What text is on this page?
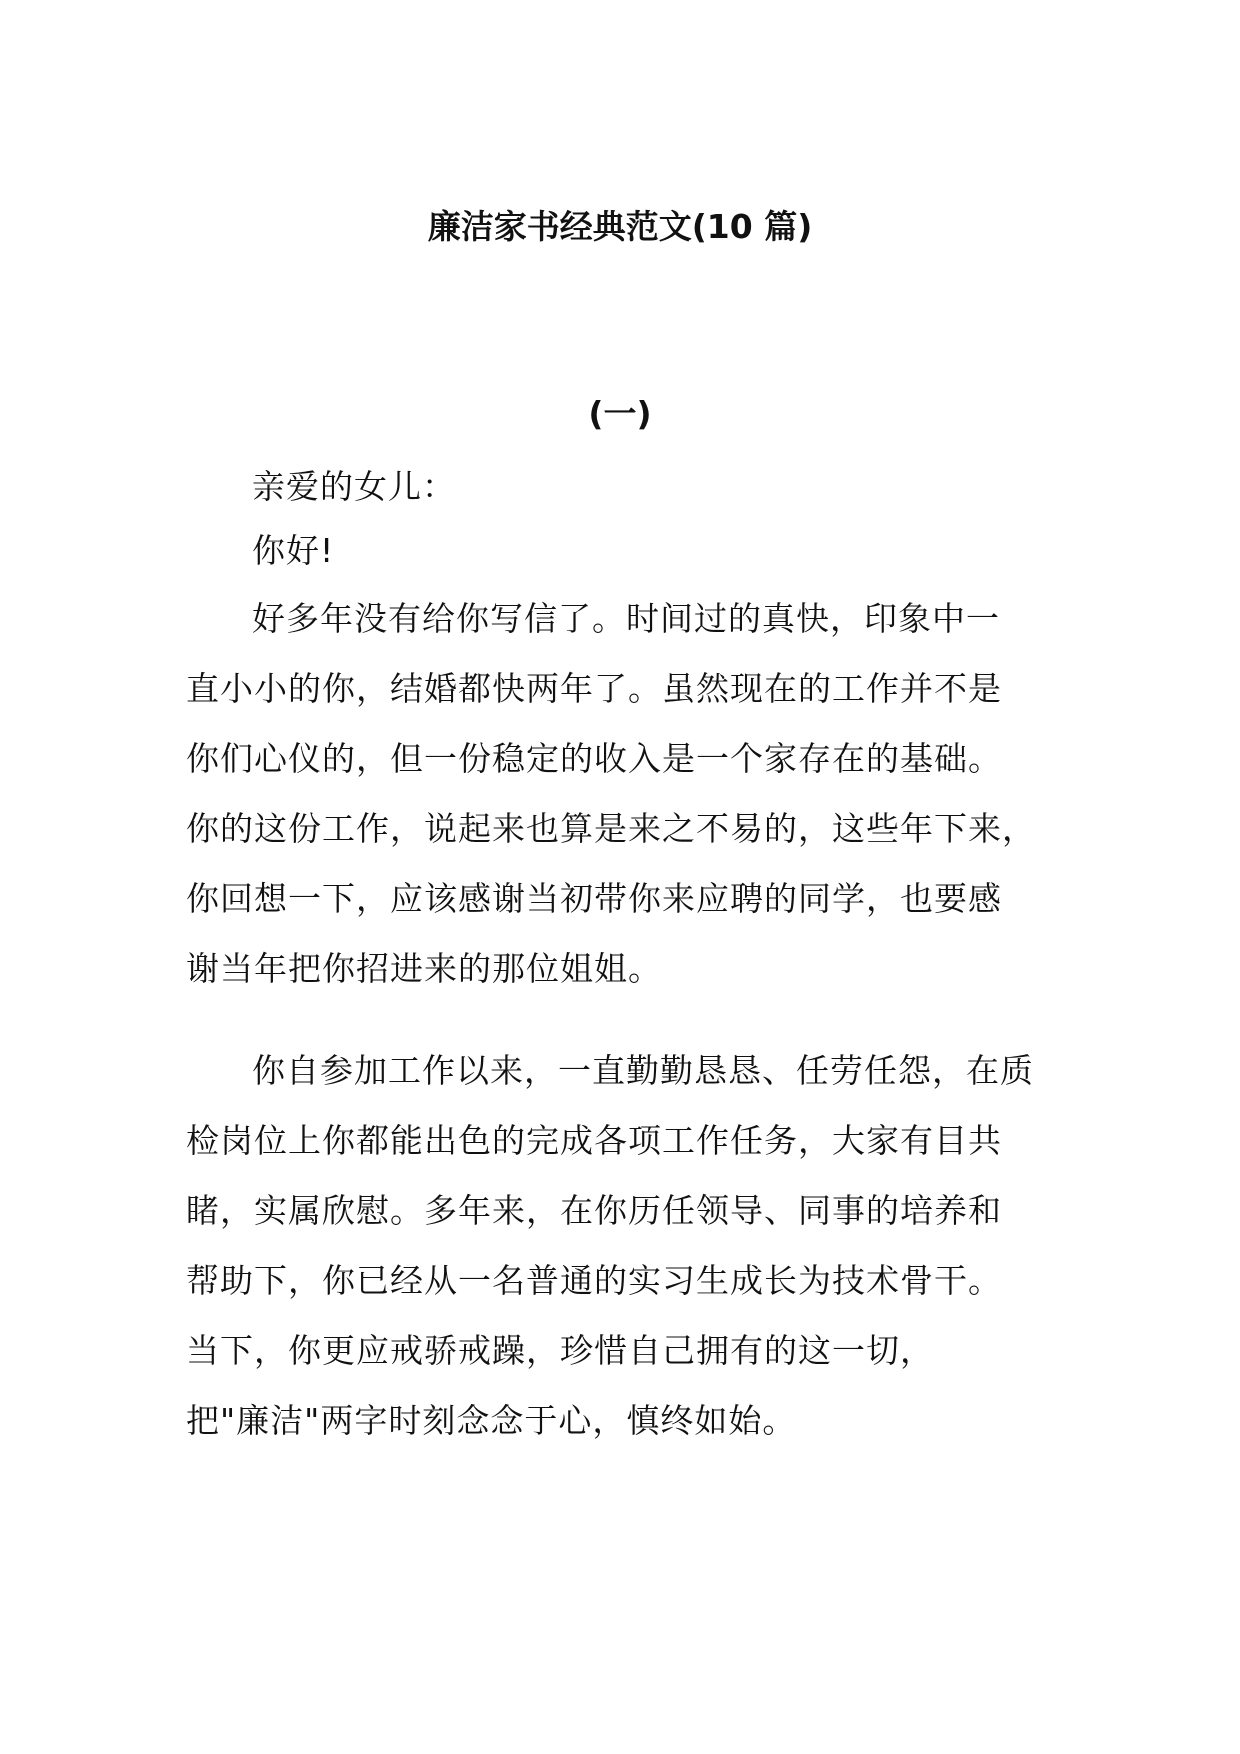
廉洁家书经典范文(10 篇)
(一)
亲爱的女儿：
你好!
好多年没有给你写信了。时间过的真快，印象中一
直小小的你，结婚都快两年了。虽然现在的工作并不是
你们心仪的，但一份稳定的收入是一个家存在的基础。
你的这份工作，说起来也算是来之不易的，这些年下来，
你回想一下，应该感谢当初带你来应聘的同学，也要感
谢当年把你招进来的那位姐姐。
你自参加工作以来，一直勤勤恳恳、任劳任怨，在质
检岗位上你都能出色的完成各项工作任务，大家有目共
睹，实属欣慰。多年来，在你历任领导、同事的培养和
帮助下，你已经从一名普通的实习生成长为技术骨干。
当下，你更应戒骄戒躁，珍惜自己拥有的这一切，
把"廉洁"两字时刻念念于心，慎终如始。
